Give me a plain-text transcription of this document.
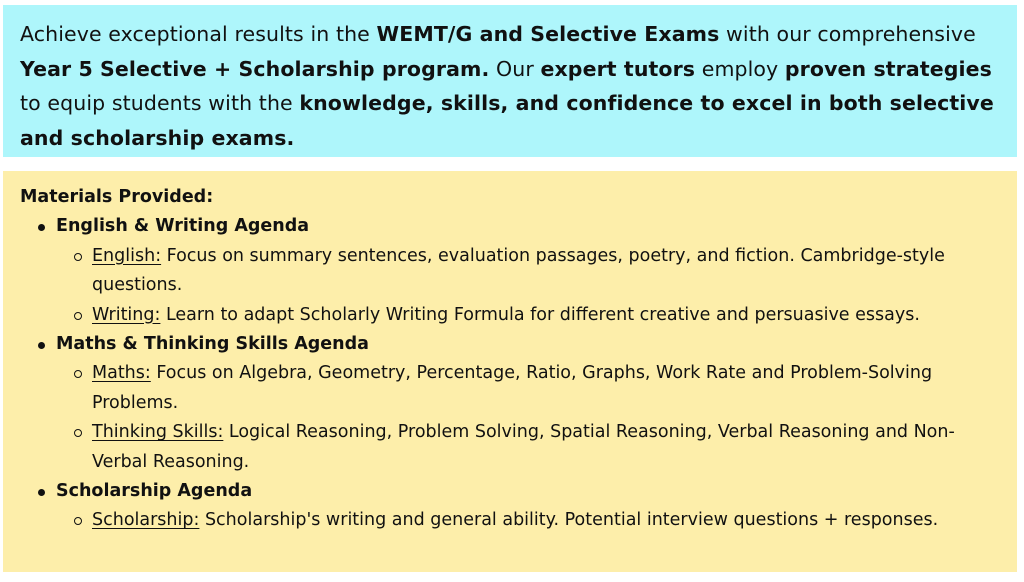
Achieve exceptional results in the WEMT/G and Selective Exams with our comprehensive Year 5 Selective + Scholarship program. Our expert tutors employ proven strategies to equip students with the knowledge, skills, and confidence to excel in both selective and scholarship exams.

Materials Provided:

English & Writing Agenda
English: Focus on summary sentences, evaluation passages, poetry, and fiction. Cambridge-style questions.
Writing: Learn to adapt Scholarly Writing Formula for different creative and persuasive essays.
Maths & Thinking Skills Agenda
Maths: Focus on Algebra, Geometry, Percentage, Ratio, Graphs, Work Rate and Problem-Solving Problems.
Thinking Skills: Logical Reasoning, Problem Solving, Spatial Reasoning, Verbal Reasoning and Non-Verbal Reasoning.
Scholarship Agenda
Scholarship: Scholarship's writing and general ability. Potential interview questions + responses.
